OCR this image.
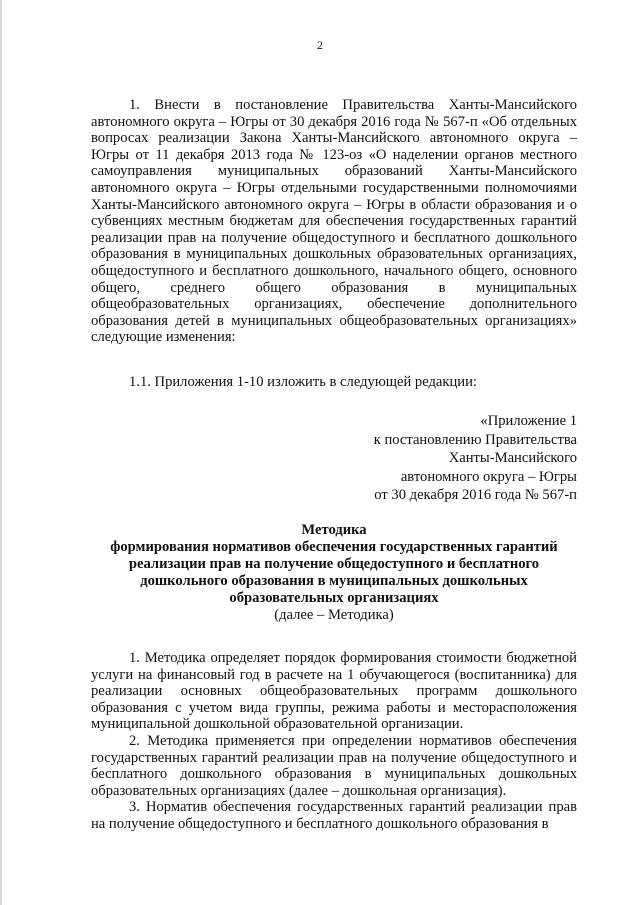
2

1. Внести в постановление Правительства Ханты-Мансийского автономного округа – Югры от 30 декабря 2016 года № 567-п «Об отдельных вопросах реализации Закона Ханты-Мансийского автономного округа – Югры от 11 декабря 2013 года № 123-оз «О наделении органов местного самоуправления муниципальных образований Ханты-Мансийского автономного округа – Югры отдельными государственными полномочиями Ханты-Мансийского автономного округа – Югры в области образования и о субвенциях местным бюджетам для обеспечения государственных гарантий реализации прав на получение общедоступного и бесплатного дошкольного образования в муниципальных дошкольных образовательных организациях, общедоступного и бесплатного дошкольного, начального общего, основного общего, среднего общего образования в муниципальных общеобразовательных организациях, обеспечение дополнительного образования детей в муниципальных общеобразовательных организациях» следующие изменения:

1.1. Приложения 1-10 изложить в следующей редакции:
«Приложение 1
к постановлению Правительства
Ханты-Мансийского
автономного округа – Югры
от 30 декабря 2016 года № 567-п
Методика
формирования нормативов обеспечения государственных гарантий
реализации прав на получение общедоступного и бесплатного
дошкольного образования в муниципальных дошкольных
образовательных организациях
(далее – Методика)

1. Методика определяет порядок формирования стоимости бюджетной услуги на финансовый год в расчете на 1 обучающегося (воспитанника) для реализации основных общеобразовательных программ дошкольного образования с учетом вида группы, режима работы и месторасположения муниципальной дошкольной образовательной организации.

2. Методика применяется при определении нормативов обеспечения государственных гарантий реализации прав на получение общедоступного и бесплатного дошкольного образования в муниципальных дошкольных образовательных организациях (далее – дошкольная организация).

3. Норматив обеспечения государственных гарантий реализации прав на получение общедоступного и бесплатного дошкольного образования в
